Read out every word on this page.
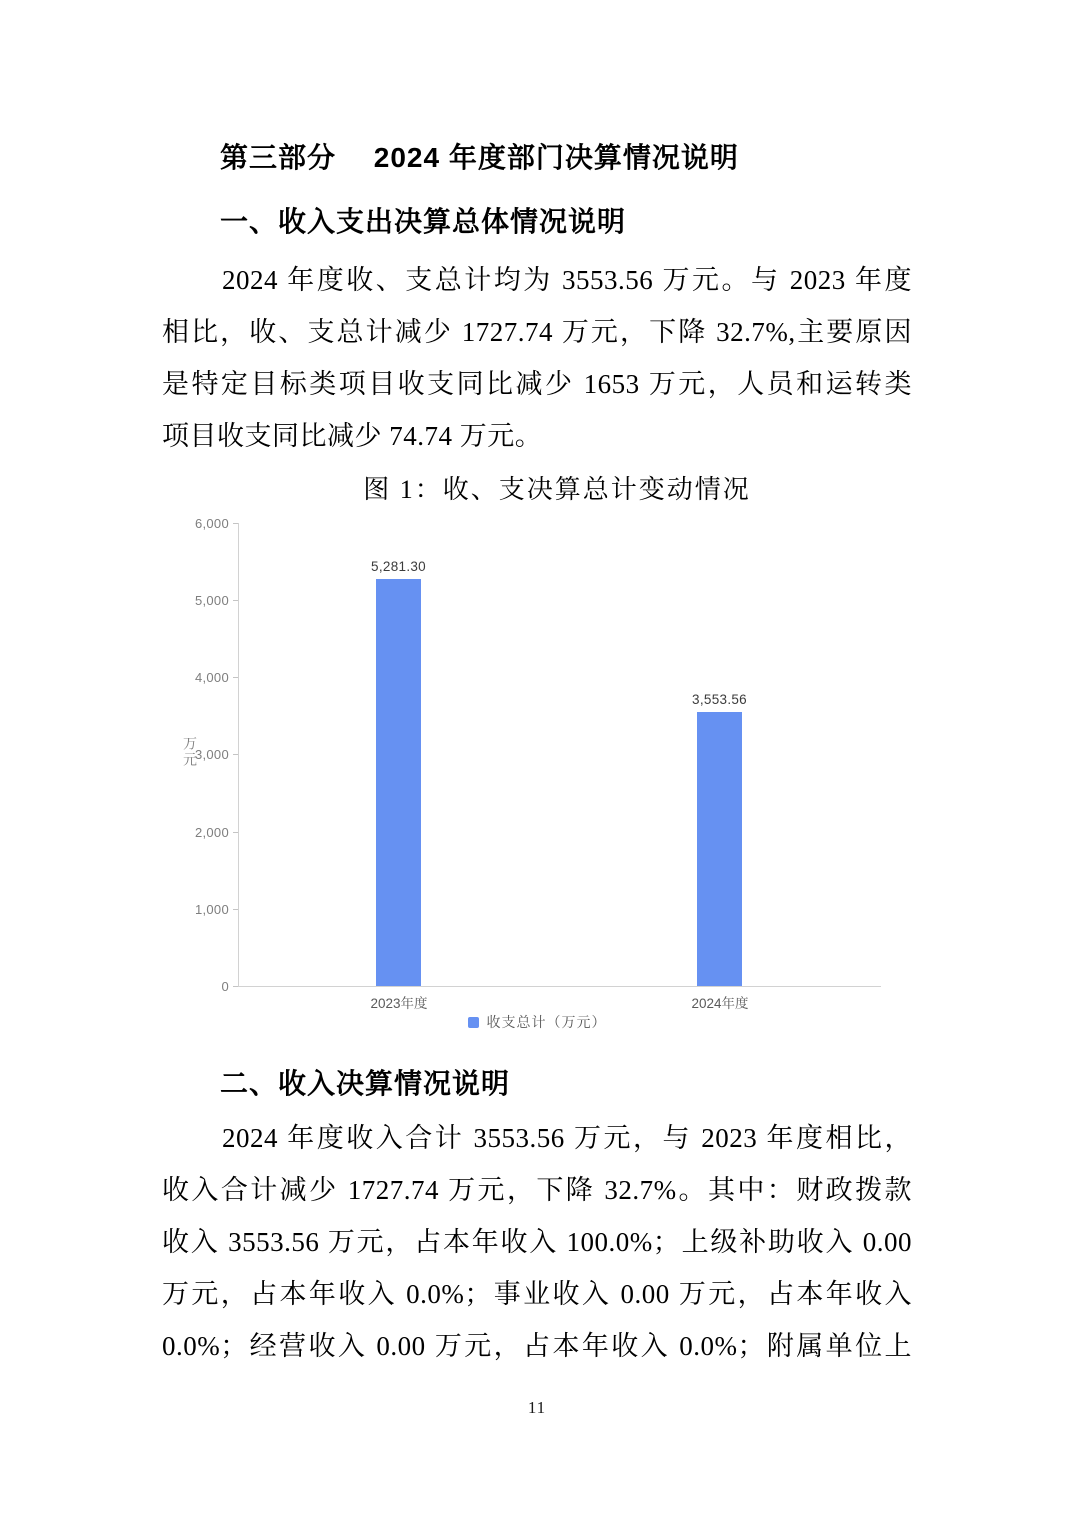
第三部分　 2024 年度部门决算情况说明
一、收入支出决算总体情况说明
2024 年度收、支总计均为 3553.56 万元。与 2023 年度
相比，收、支总计减少 1727.74 万元，下降 32.7%,主要原因
是特定目标类项目收支同比减少 1653 万元，人员和运转类
项目收支同比减少 74.74 万元。
图 1：收、支决算总计变动情况
6,000
5,000
4,000
3,000
2,000
1,000
0
万元
5,281.30
3,553.56
2023年度	2024年度
收支总计（万元）
二、收入决算情况说明
2024 年度收入合计 3553.56 万元，与 2023 年度相比，
收入合计减少 1727.74 万元，下降 32.7%。其中：财政拨款
收入 3553.56 万元，占本年收入 100.0%；上级补助收入 0.00
万元，占本年收入 0.0%；事业收入 0.00 万元，占本年收入
0.0%；经营收入 0.00 万元，占本年收入 0.0%；附属单位上
11
